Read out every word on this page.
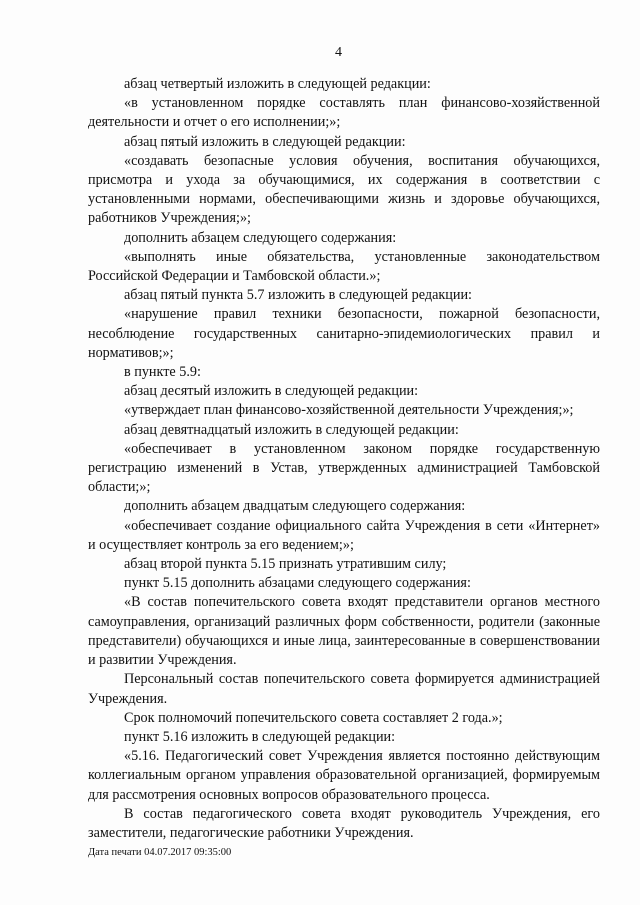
4

абзац четвертый изложить в следующей редакции:

«в установленном порядке составлять план финансово-хозяйственной деятельности и отчет о его исполнении;»;

абзац пятый изложить в следующей редакции:

«создавать безопасные условия обучения, воспитания обучающихся, присмотра и ухода за обучающимися, их содержания в соответствии с установленными нормами, обеспечивающими жизнь и здоровье обучающихся, работников Учреждения;»;

дополнить абзацем следующего содержания:

«выполнять иные обязательства, установленные законодательством Российской Федерации и Тамбовской области.»;

абзац пятый пункта 5.7 изложить в следующей редакции:

«нарушение правил техники безопасности, пожарной безопасности, несоблюдение государственных санитарно-эпидемиологических правил и нормативов;»;

в пункте 5.9:

абзац десятый изложить в следующей редакции:

«утверждает план финансово-хозяйственной деятельности Учреждения;»;

абзац девятнадцатый изложить в следующей редакции:

«обеспечивает в установленном законом порядке государственную регистрацию изменений в Устав, утвержденных администрацией Тамбовской области;»;

дополнить абзацем двадцатым следующего содержания:

«обеспечивает создание официального сайта Учреждения в сети «Интернет» и осуществляет контроль за его ведением;»;

абзац второй пункта 5.15 признать утратившим силу;

пункт 5.15 дополнить абзацами следующего содержания:

«В состав попечительского совета входят представители органов местного самоуправления, организаций различных форм собственности, родители (законные представители) обучающихся и иные лица, заинтересованные в совершенствовании и развитии Учреждения.

Персональный состав попечительского совета формируется администрацией Учреждения.

Срок полномочий попечительского совета составляет 2 года.»;

пункт 5.16 изложить в следующей редакции:

«5.16. Педагогический совет Учреждения является постоянно действующим коллегиальным органом управления образовательной организацией, формируемым для рассмотрения основных вопросов образовательного процесса.

В состав педагогического совета входят руководитель Учреждения, его заместители, педагогические работники Учреждения.

Дата печати 04.07.2017 09:35:00
